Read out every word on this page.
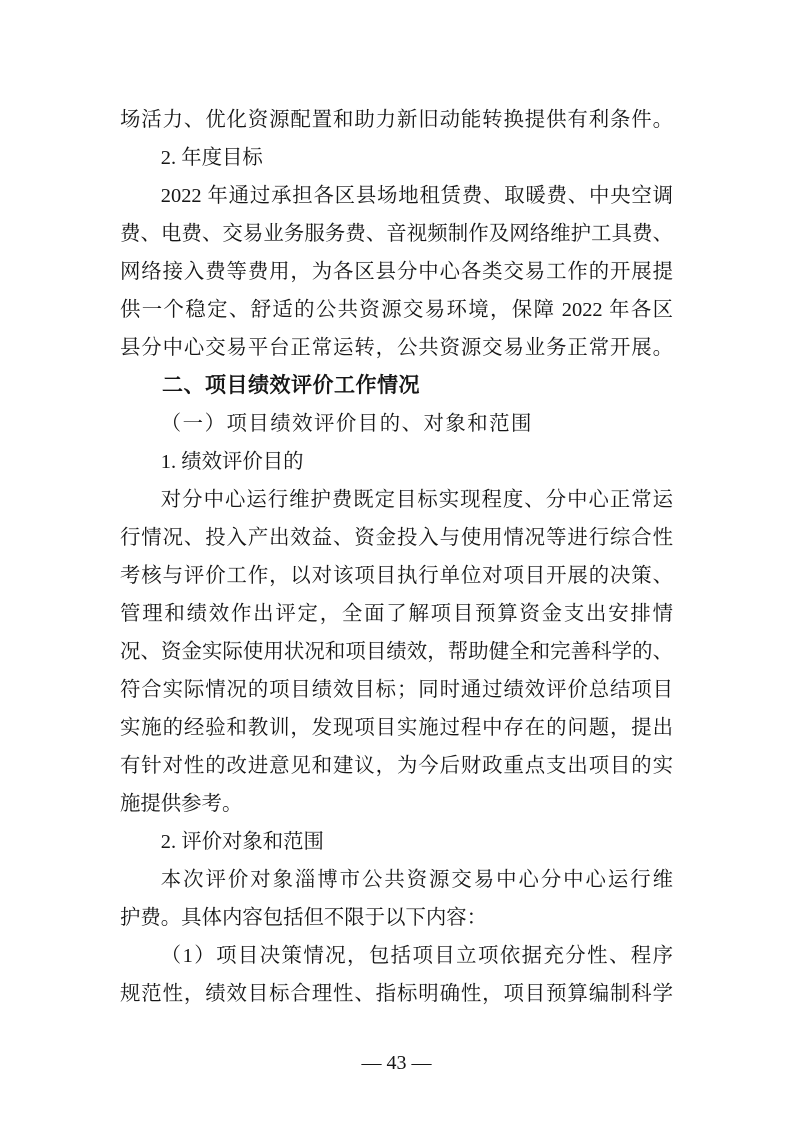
场活力、优化资源配置和助力新旧动能转换提供有利条件。
2. 年度目标
2022 年通过承担各区县场地租赁费、取暖费、中央空调
费、电费、交易业务服务费、音视频制作及网络维护工具费、
网络接入费等费用，为各区县分中心各类交易工作的开展提
供一个稳定、舒适的公共资源交易环境，保障 2022 年各区
县分中心交易平台正常运转，公共资源交易业务正常开展。
二、项目绩效评价工作情况
（一）项目绩效评价目的、对象和范围
1. 绩效评价目的
对分中心运行维护费既定目标实现程度、分中心正常运
行情况、投入产出效益、资金投入与使用情况等进行综合性
考核与评价工作，以对该项目执行单位对项目开展的决策、
管理和绩效作出评定，全面了解项目预算资金支出安排情
况、资金实际使用状况和项目绩效，帮助健全和完善科学的、
符合实际情况的项目绩效目标；同时通过绩效评价总结项目
实施的经验和教训，发现项目实施过程中存在的问题，提出
有针对性的改进意见和建议，为今后财政重点支出项目的实
施提供参考。
2. 评价对象和范围
本次评价对象淄博市公共资源交易中心分中心运行维
护费。具体内容包括但不限于以下内容：
（1）项目决策情况，包括项目立项依据充分性、程序
规范性，绩效目标合理性、指标明确性，项目预算编制科学
— 43 —
